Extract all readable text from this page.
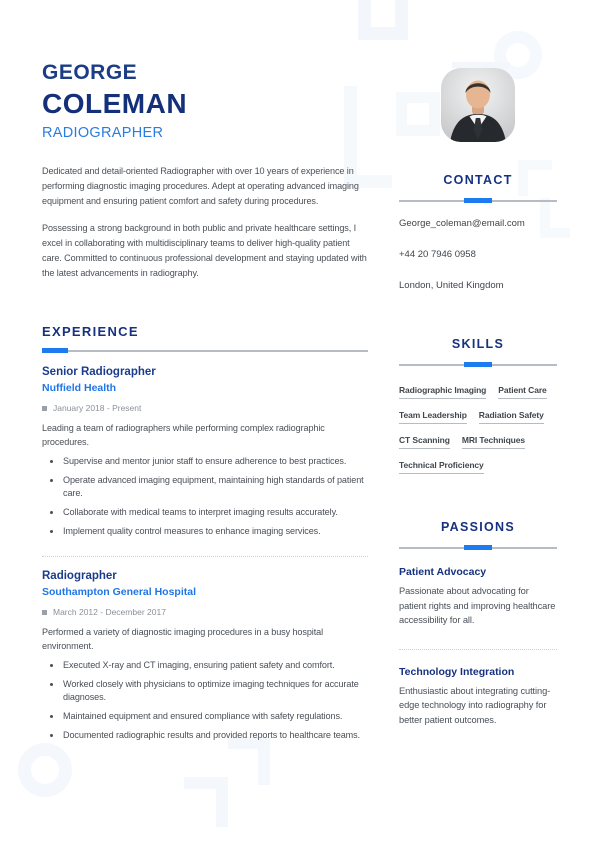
GEORGE
COLEMAN
RADIOGRAPHER

Dedicated and detail-oriented Radiographer with over 10 years of experience in performing diagnostic imaging procedures. Adept at operating advanced imaging equipment and ensuring patient comfort and safety during procedures.

Possessing a strong background in both public and private healthcare settings, I excel in collaborating with multidisciplinary teams to deliver high-quality patient care. Committed to continuous professional development and staying updated with the latest advancements in radiography.

EXPERIENCE
Senior Radiographer
Nuffield Health
January 2018 - Present

Leading a team of radiographers while performing complex radiographic procedures.

• Supervise and mentor junior staff to ensure adherence to best practices.
• Operate advanced imaging equipment, maintaining high standards of patient care.
• Collaborate with medical teams to interpret imaging results accurately.
• Implement quality control measures to enhance imaging services.
Radiographer
Southampton General Hospital
March 2012 - December 2017

Performed a variety of diagnostic imaging procedures in a busy hospital environment.

• Executed X-ray and CT imaging, ensuring patient safety and comfort.
• Worked closely with physicians to optimize imaging techniques for accurate diagnoses.
• Maintained equipment and ensured compliance with safety regulations.
• Documented radiographic results and provided reports to healthcare teams.
CONTACT
George_coleman@email.com
+44 20 7946 0958
London, United Kingdom
SKILLS
Radiographic Imaging Patient Care
Team Leadership Radiation Safety
CT Scanning MRI Techniques
Technical Proficiency
PASSIONS
Patient Advocacy

Passionate about advocating for patient rights and improving healthcare accessibility for all.

Technology Integration

Enthusiastic about integrating cutting-edge technology into radiography for better patient outcomes.
